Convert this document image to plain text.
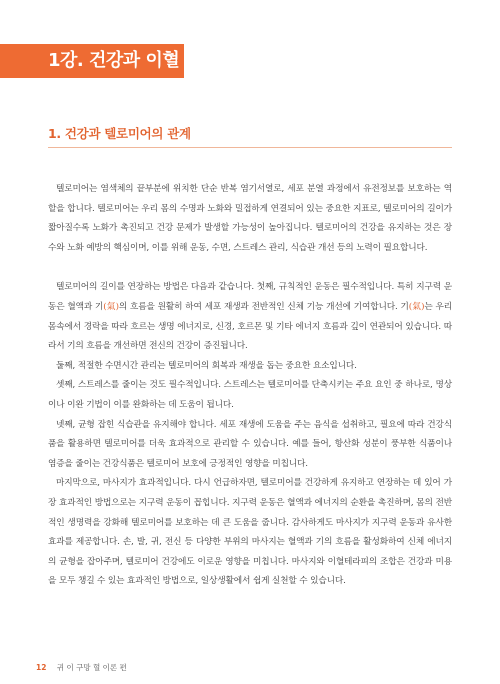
1강. 건강과 이혈
1. 건강과 텔로미어의 관계

텔로미어는 염색체의 끝부분에 위치한 단순 반복 염기서열로, 세포 분열 과정에서 유전정보를 보호하는 역할을 합니다. 텔로미어는 우리 몸의 수명과 노화와 밀접하게 연결되어 있는 중요한 지표로, 텔로미어의 길이가 짧아질수록 노화가 촉진되고 건강 문제가 발생할 가능성이 높아집니다. 텔로미어의 건강을 유지하는 것은 장수와 노화 예방의 핵심이며, 이를 위해 운동, 수면, 스트레스 관리, 식습관 개선 등의 노력이 필요합니다.

텔로미어의 길이를 연장하는 방법은 다음과 같습니다. 첫째, 규칙적인 운동은 필수적입니다. 특히 지구력 운동은 혈액과 기(氣)의 흐름을 원활히 하여 세포 재생과 전반적인 신체 기능 개선에 기여합니다. 기(氣)는 우리 몸속에서 경락을 따라 흐르는 생명 에너지로, 신경, 호르몬 및 기타 에너지 흐름과 깊이 연관되어 있습니다. 따라서 기의 흐름을 개선하면 전신의 건강이 증진됩니다.

둘째, 적절한 수면시간 관리는 텔로미어의 회복과 재생을 돕는 중요한 요소입니다.

셋째, 스트레스를 줄이는 것도 필수적입니다. 스트레스는 텔로미어를 단축시키는 주요 요인 중 하나로, 명상이나 이완 기법이 이를 완화하는 데 도움이 됩니다.

넷째, 균형 잡힌 식습관을 유지해야 합니다. 세포 재생에 도움을 주는 음식을 섭취하고, 필요에 따라 건강식품을 활용하면 텔로미어를 더욱 효과적으로 관리할 수 있습니다. 예를 들어, 항산화 성분이 풍부한 식품이나 염증을 줄이는 건강식품은 텔로미어 보호에 긍정적인 영향을 미칩니다.

마지막으로, 마사지가 효과적입니다. 다시 언급하자면, 텔로미어를 건강하게 유지하고 연장하는 데 있어 가장 효과적인 방법으로는 지구력 운동이 꼽힙니다. 지구력 운동은 혈액과 에너지의 순환을 촉진하며, 몸의 전반적인 생명력을 강화해 텔로미어를 보호하는 데 큰 도움을 줍니다. 감사하게도 마사지가 지구력 운동과 유사한 효과를 제공합니다. 손, 발, 귀, 전신 등 다양한 부위의 마사지는 혈액과 기의 흐름을 활성화하여 신체 에너지의 균형을 잡아주며, 텔로미어 건강에도 이로운 영향을 미칩니다. 마사지와 이혈테라피의 조합은 건강과 미용을 모두 챙길 수 있는 효과적인 방법으로, 일상생활에서 쉽게 실천할 수 있습니다.

12 귀 이 구망 혈 이론 편
